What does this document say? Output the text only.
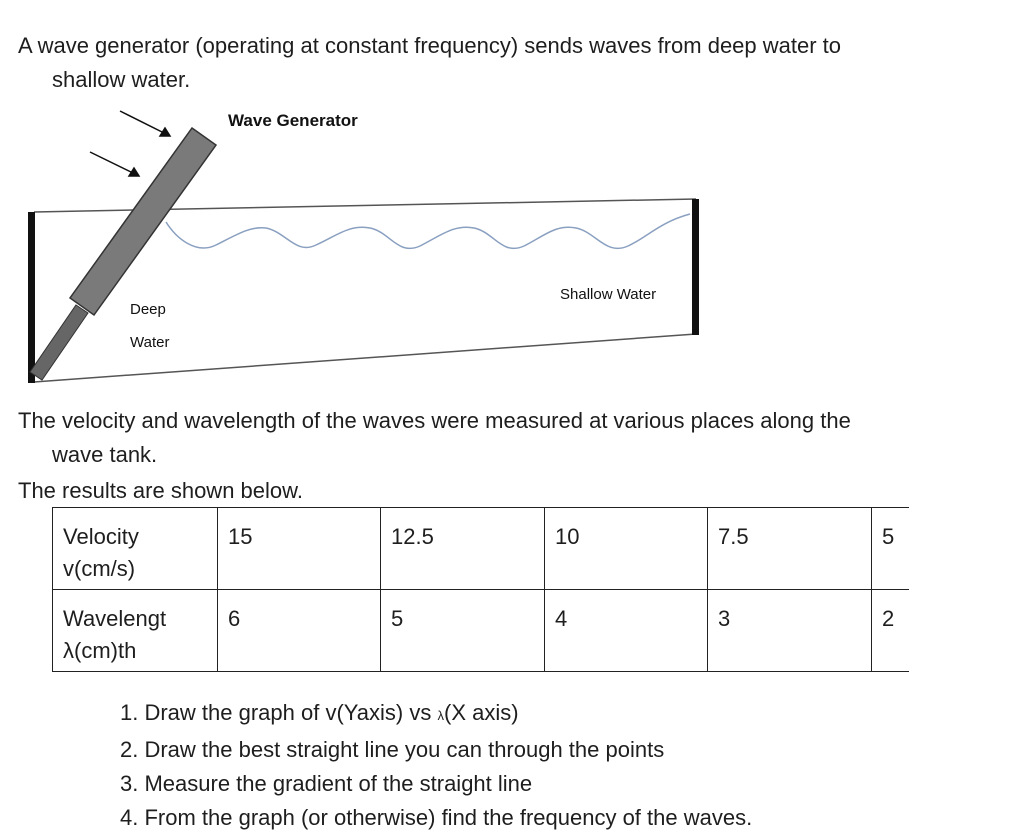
A wave generator (operating at constant frequency) sends waves from deep water to
shallow water.

Wave Generator
Deep
Water
Shallow Water

The velocity and wavelength of the waves were measured at various places along the
wave tank.

The results are shown below.

Velocity
v(cm/s)	15	12.5	10	7.5	5
Wavelengt
λ(cm)th	6	5	4	3	2
1. Draw the graph of v(Yaxis) vs λ(X axis)
2. Draw the best straight line you can through the points
3. Measure the gradient of the straight line
4. From the graph (or otherwise) find the frequency of the waves.
